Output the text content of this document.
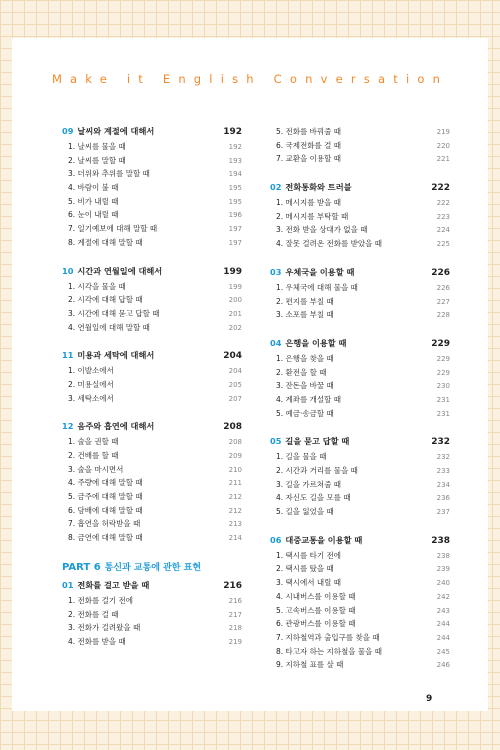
Make it English Conversation
09 날씨와 계절에 대해서	192
1. 날씨를 물을 때	192
2. 날씨를 말할 때	193
3. 더위와 추위를 말할 때	194
4. 바람이 불 때	195
5. 비가 내릴 때	195
6. 눈이 내릴 때	196
7. 일기예보에 대해 말할 때	197
8. 계절에 대해 말할 때	197
10 시간과 연월일에 대해서	199
1. 시각을 물을 때	199
2. 시각에 대해 답할 때	200
3. 시간에 대해 묻고 답할 때	201
4. 연월일에 대해 말할 때	202
11 미용과 세탁에 대해서	204
1. 이발소에서	204
2. 미용실에서	205
3. 세탁소에서	207
12 음주와 흡연에 대해서	208
1. 술을 권할 때	208
2. 건배를 할 때	209
3. 술을 마시면서	210
4. 주량에 대해 말할 때	211
5. 금주에 대해 말할 때	212
6. 담배에 대해 말할 때	212
7. 흡연을 허락받을 때	213
8. 금연에 대해 말할 때	214
PART 6 통신과 교통에 관한 표현
01 전화를 걸고 받을 때	216
1. 전화를 걸기 전에	216
2. 전화를 걸 때	217
3. 전화가 걸려왔을 때	218
4. 전화를 받을 때	219
5. 전화를 바꿔줄 때	219
6. 국제전화를 걸 때	220
7. 교환을 이용할 때	221
02 전화통화와 트러블	222
1. 메시지를 받을 때	222
2. 메시지를 부탁할 때	223
3. 전화 받을 상대가 없을 때	224
4. 잘못 걸려온 전화를 받았을 때	225
03 우체국을 이용할 때	226
1. 우체국에 대해 물을 때	226
2. 편지를 부칠 때	227
3. 소포를 부칠 때	228
04 은행을 이용할 때	229
1. 은행을 찾을 때	229
2. 환전을 할 때	229
3. 잔돈을 바꿀 때	230
4. 계좌를 개설할 때	231
5. 예금·송금할 때	231
05 길을 묻고 답할 때	232
1. 길을 물을 때	232
2. 시간과 거리를 물을 때	233
3. 길을 가르쳐줄 때	234
4. 자신도 길을 모를 때	236
5. 길을 잃었을 때	237
06 대중교통을 이용할 때	238
1. 택시를 타기 전에	238
2. 택시를 탔을 때	239
3. 택시에서 내릴 때	240
4. 시내버스를 이용할 때	242
5. 고속버스를 이용할 때	243
6. 관광버스를 이용할 때	244
7. 지하철역과 출입구를 찾을 때	244
8. 타고자 하는 지하철을 물을 때	245
9. 지하철 표를 살 때	246
9
